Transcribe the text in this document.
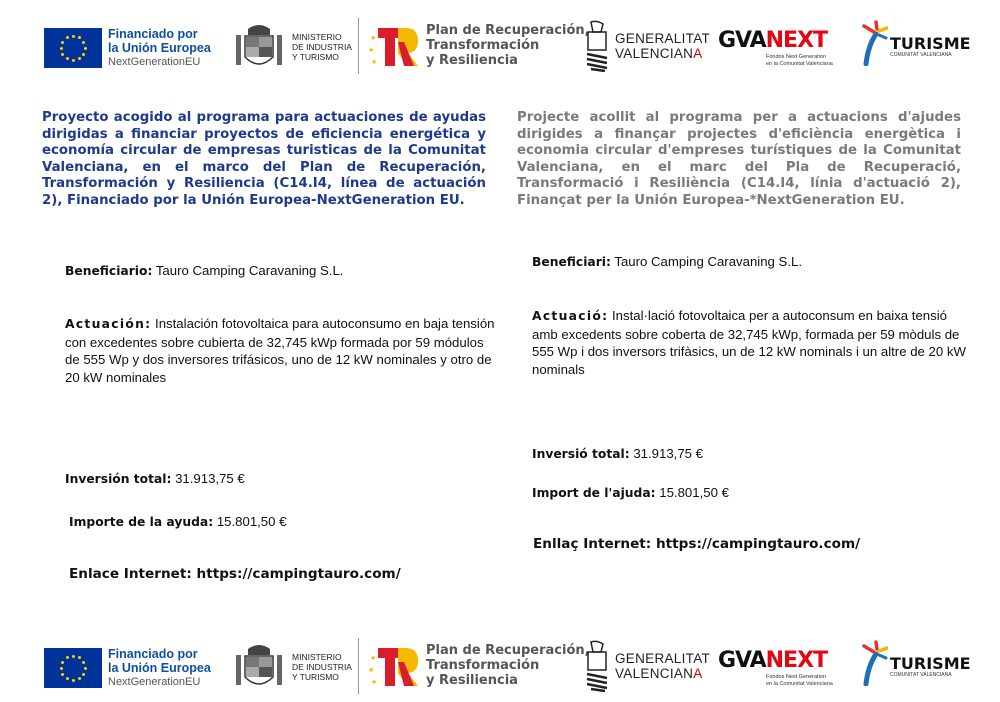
Financiado por
la Unión Europea
NextGenerationEU
MINISTERIO
DE INDUSTRIA
Y TURISMO
★
★
★
Plan de Recuperación,
Transformación
y Resiliencia
GENERALITAT
VALENCIANA
GVANEXT
Fondos Next Generation
en la Comunitat Valenciana
TURISME
COMUNITAT VALENCIANA
Proyecto acogido al programa para actuaciones de ayudas dirigidas a financiar proyectos de eficiencia energética y economía circular de empresas turisticas de la Comunitat Valenciana, en el marco del Plan de Recuperación, Transformación y Resiliencia (C14.I4, línea de actuación 2), Financiado por la Unión Europea-NextGeneration EU.
Projecte acollit al programa per a actuacions d'ajudes dirigides a finançar projectes d'eficiència energètica i economia circular d'empreses turístiques de la Comunitat Valenciana, en el marc del Pla de Recuperació, Transformació i Resiliència (C14.I4, línia d'actuació 2), Finançat per la Unión Europea-*NextGeneration EU.
Beneficiario: Tauro Camping Caravaning S.L.
Actuación: Instalación fotovoltaica para autoconsumo en baja tensión con excedentes sobre cubierta de 32,745 kWp formada por 59 módulos de 555 Wp y dos inversores trifásicos, uno de 12 kW nominales y otro de 20 kW nominales
Inversión total: 31.913,75 €
Importe de la ayuda: 15.801,50 €
Enlace Internet: https://campingtauro.com/
Beneficiari: Tauro Camping Caravaning S.L.
Actuació: Instal·lació fotovoltaica per a autoconsum en baixa tensió amb excedents sobre coberta de 32,745 kWp, formada per 59 mòduls de 555 Wp i dos inversors trifàsics, un de 12 kW nominals i un altre de 20 kW nominals
Inversió total: 31.913,75 €
Import de l'ajuda: 15.801,50 €
Enllaç Internet: https://campingtauro.com/
Financiado por
la Unión Europea
NextGenerationEU
MINISTERIO
DE INDUSTRIA
Y TURISMO
★
★
★
Plan de Recuperación,
Transformación
y Resiliencia
GENERALITAT
VALENCIANA
GVANEXT
Fondos Next Generation
en la Comunitat Valenciana
TURISME
COMUNITAT VALENCIANA
